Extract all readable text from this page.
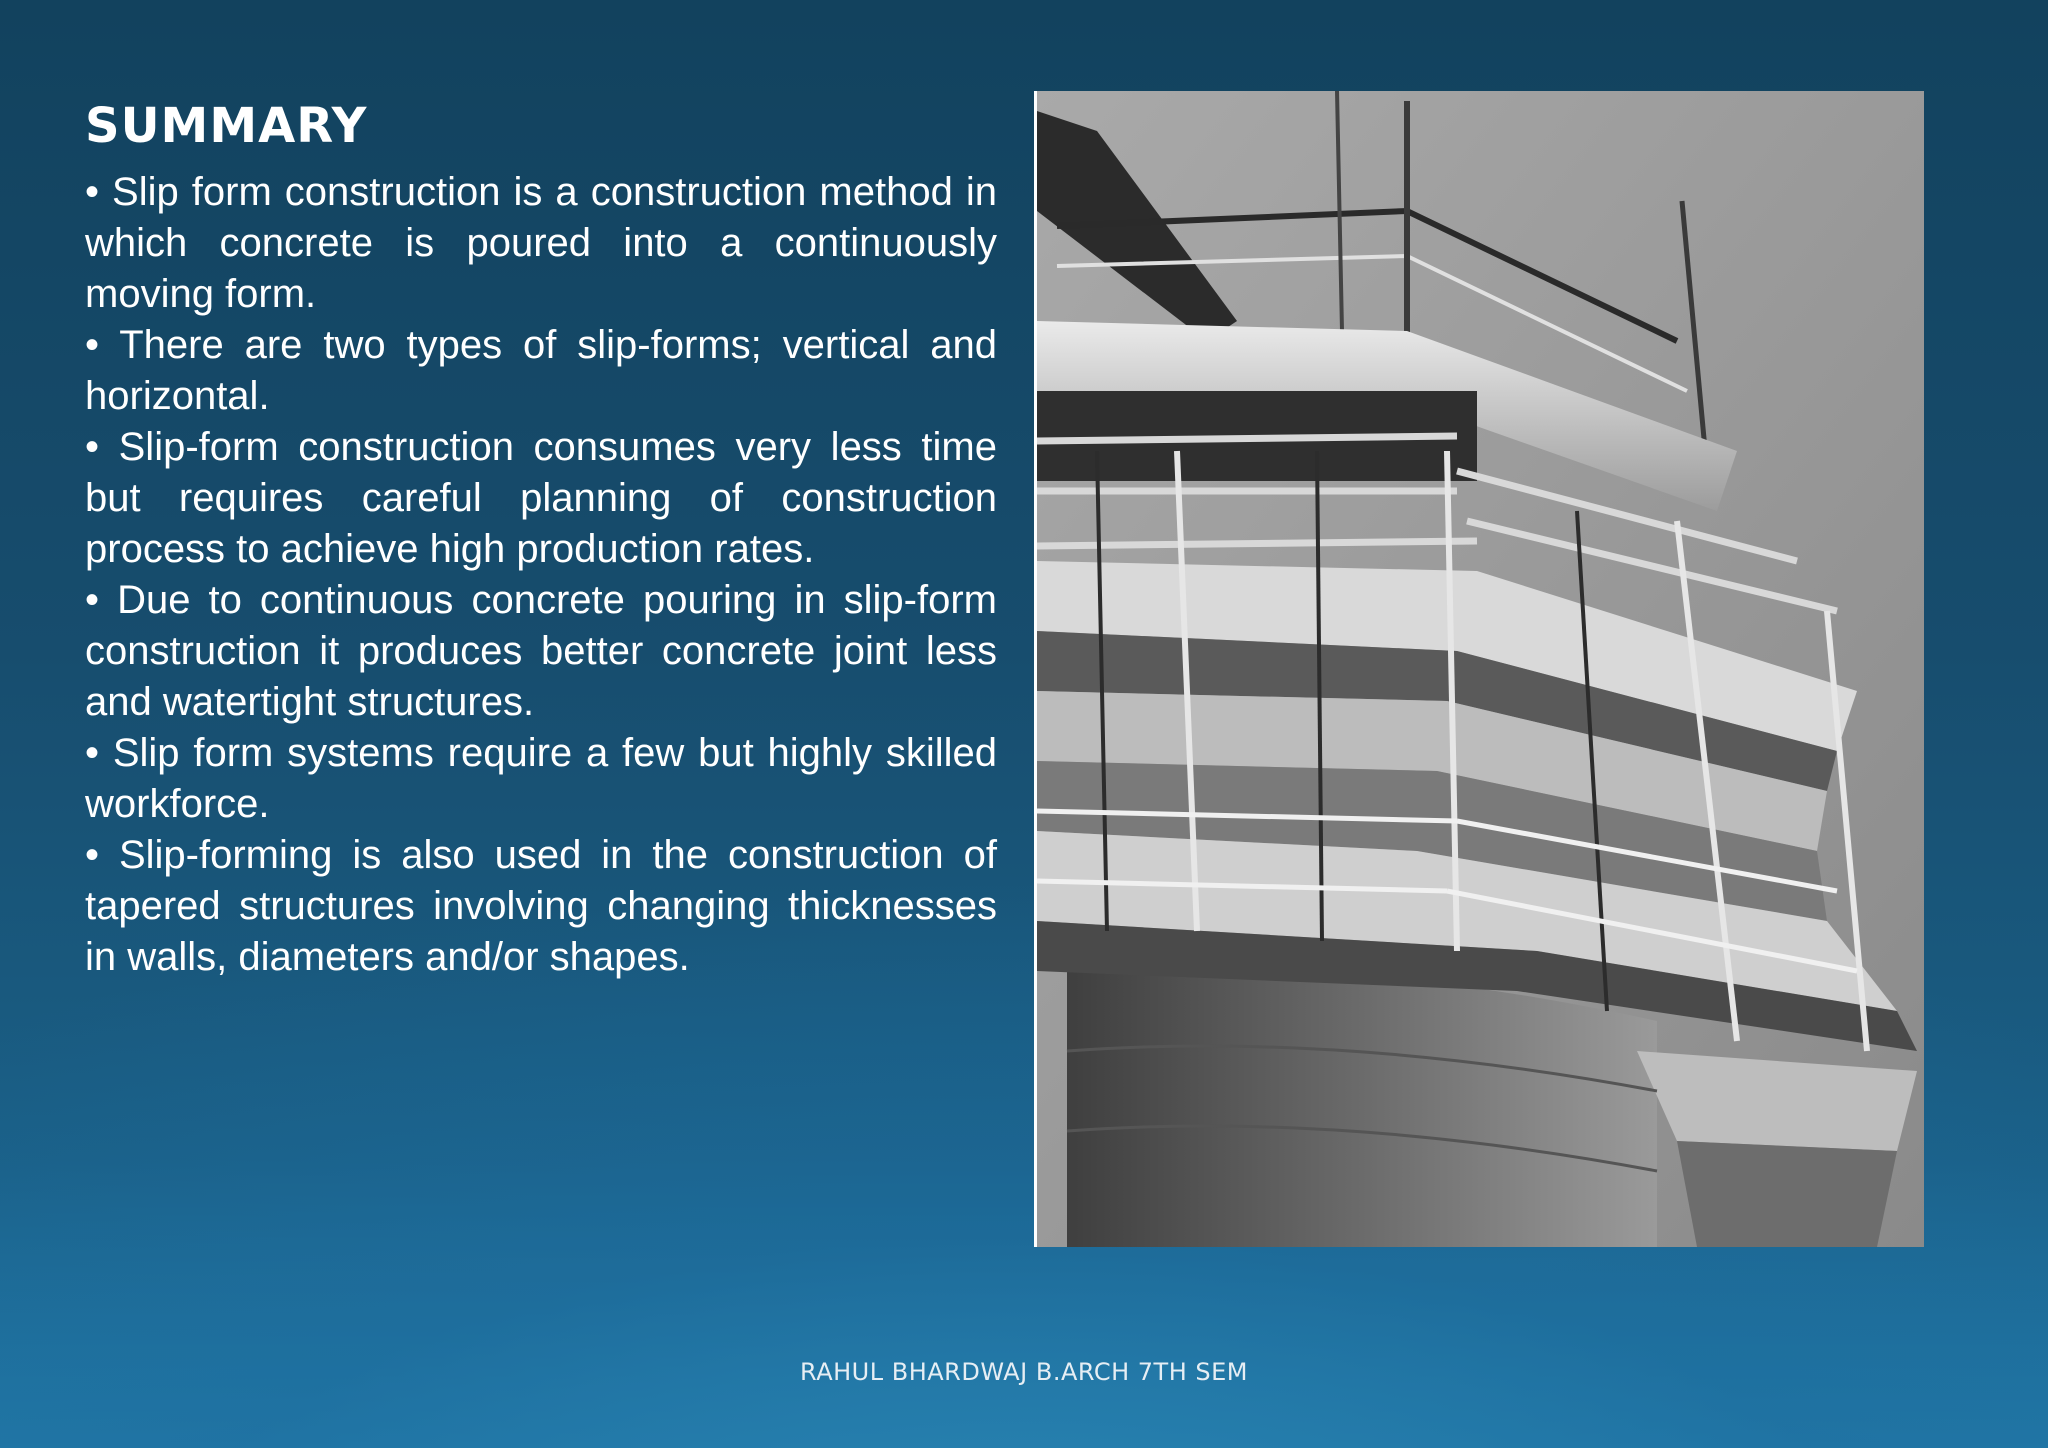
SUMMARY
• Slip form construction is a construction method in which concrete is poured into a continuously moving form.
• There are two types of slip-forms; vertical and horizontal.
• Slip-form construction consumes very less time but requires careful planning of construction process to achieve high production rates.
• Due to continuous concrete pouring in slip-form construction it produces better concrete joint less and watertight structures.
• Slip form systems require a few but highly skilled workforce.
• Slip-forming is also used in the construction of tapered structures involving changing thicknesses in walls, diameters and/or shapes.
RAHUL BHARDWAJ B.ARCH 7TH SEM
